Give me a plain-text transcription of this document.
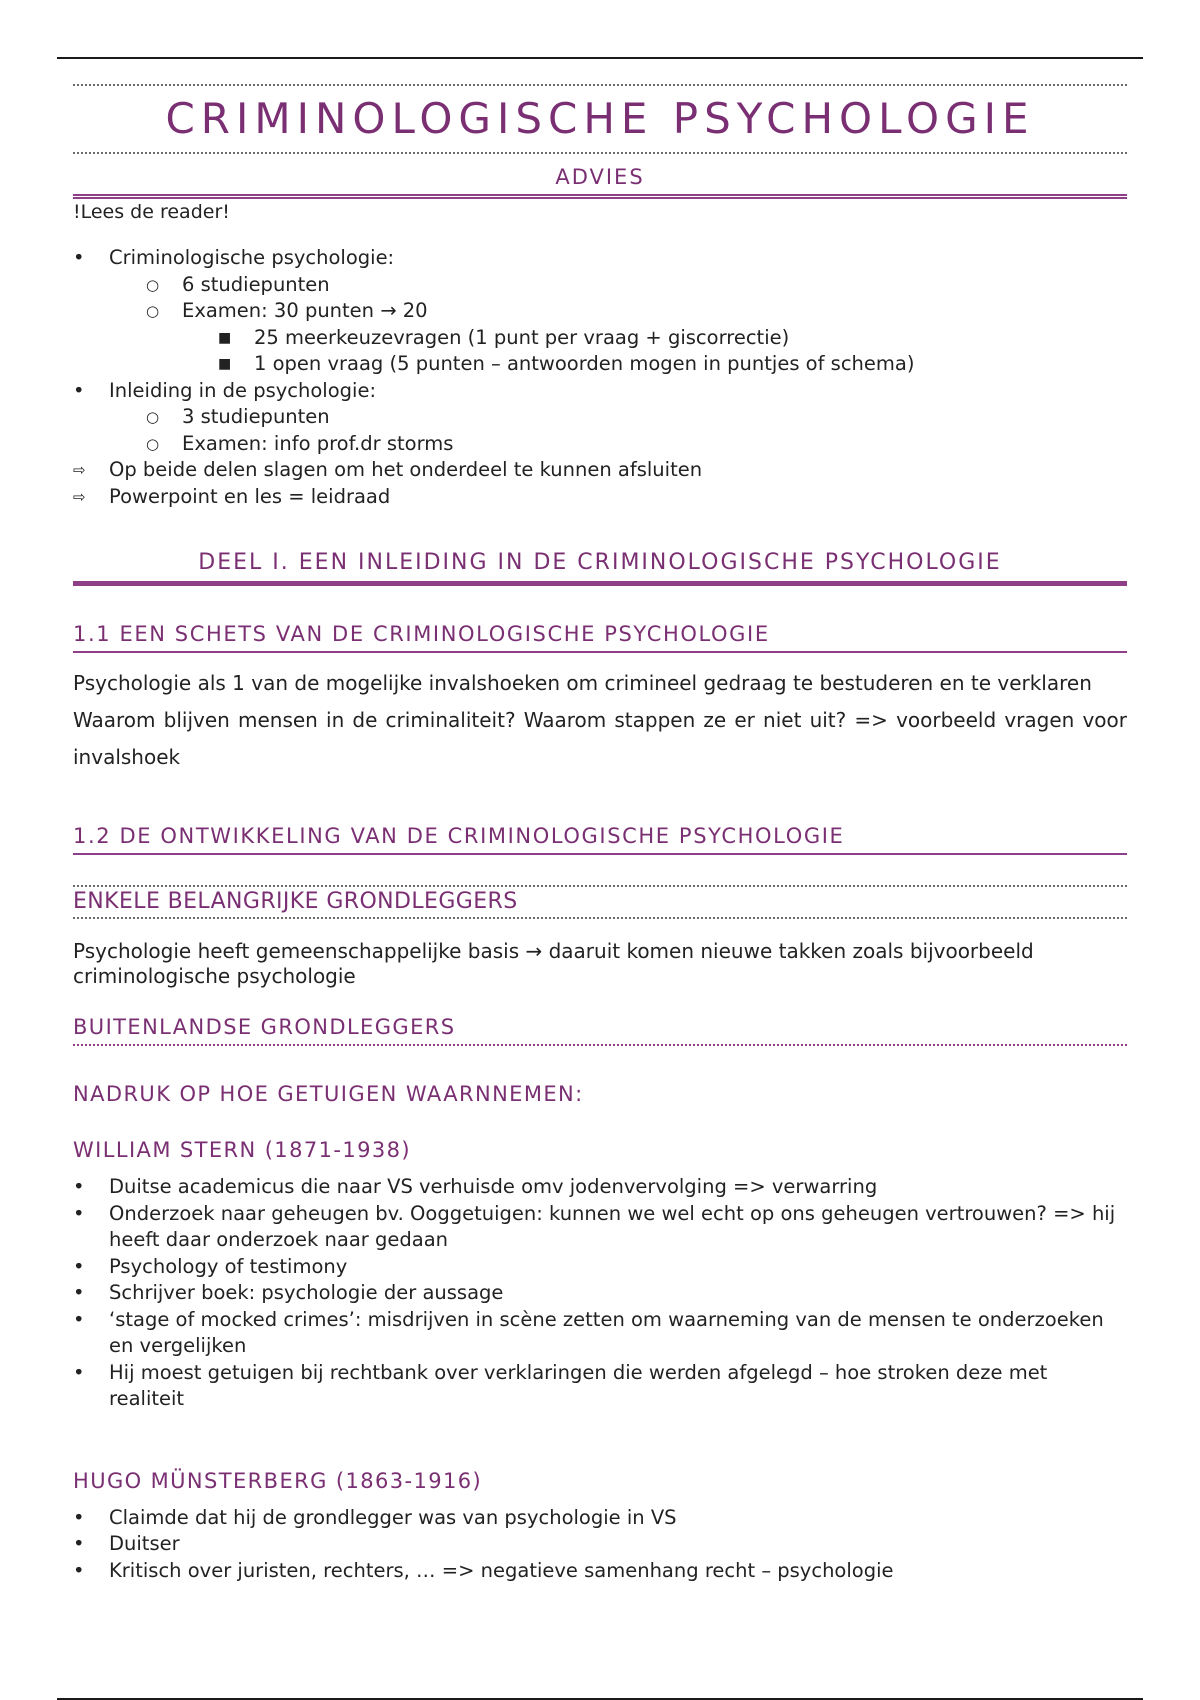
CRIMINOLOGISCHE PSYCHOLOGIE
ADVIES

!Lees de reader!

• Criminologische psychologie:
○ 6 studiepunten
○ Examen: 30 punten → 20
■ 25 meerkeuzevragen (1 punt per vraag + giscorrectie)
■ 1 open vraag (5 punten – antwoorden mogen in puntjes of schema)
• Inleiding in de psychologie:
○ 3 studiepunten
○ Examen: info prof.dr storms
⇨ Op beide delen slagen om het onderdeel te kunnen afsluiten
⇨ Powerpoint en les = leidraad
DEEL I. EEN INLEIDING IN DE CRIMINOLOGISCHE PSYCHOLOGIE
1.1 EEN SCHETS VAN DE CRIMINOLOGISCHE PSYCHOLOGIE

Psychologie als 1 van de mogelijke invalshoeken om crimineel gedraag te bestuderen en te verklaren

Waarom blijven mensen in de criminaliteit? Waarom stappen ze er niet uit? => voorbeeld vragen voor invalshoek

1.2 DE ONTWIKKELING VAN DE CRIMINOLOGISCHE PSYCHOLOGIE
ENKELE BELANGRIJKE GRONDLEGGERS

Psychologie heeft gemeenschappelijke basis → daaruit komen nieuwe takken zoals bijvoorbeeld criminologische psychologie

BUITENLANDSE GRONDLEGGERS
NADRUK OP HOE GETUIGEN WAARNNEMEN:
WILLIAM STERN (1871-1938)
• Duitse academicus die naar VS verhuisde omv jodenvervolging => verwarring
• Onderzoek naar geheugen bv. Ooggetuigen: kunnen we wel echt op ons geheugen vertrouwen? => hij heeft daar onderzoek naar gedaan
• Psychology of testimony
• Schrijver boek: psychologie der aussage
• ‘stage of mocked crimes’: misdrijven in scène zetten om waarneming van de mensen te onderzoeken en vergelijken
• Hij moest getuigen bij rechtbank over verklaringen die werden afgelegd – hoe stroken deze met realiteit
HUGO MÜNSTERBERG (1863-1916)
• Claimde dat hij de grondlegger was van psychologie in VS
• Duitser
• Kritisch over juristen, rechters, … => negatieve samenhang recht – psychologie
